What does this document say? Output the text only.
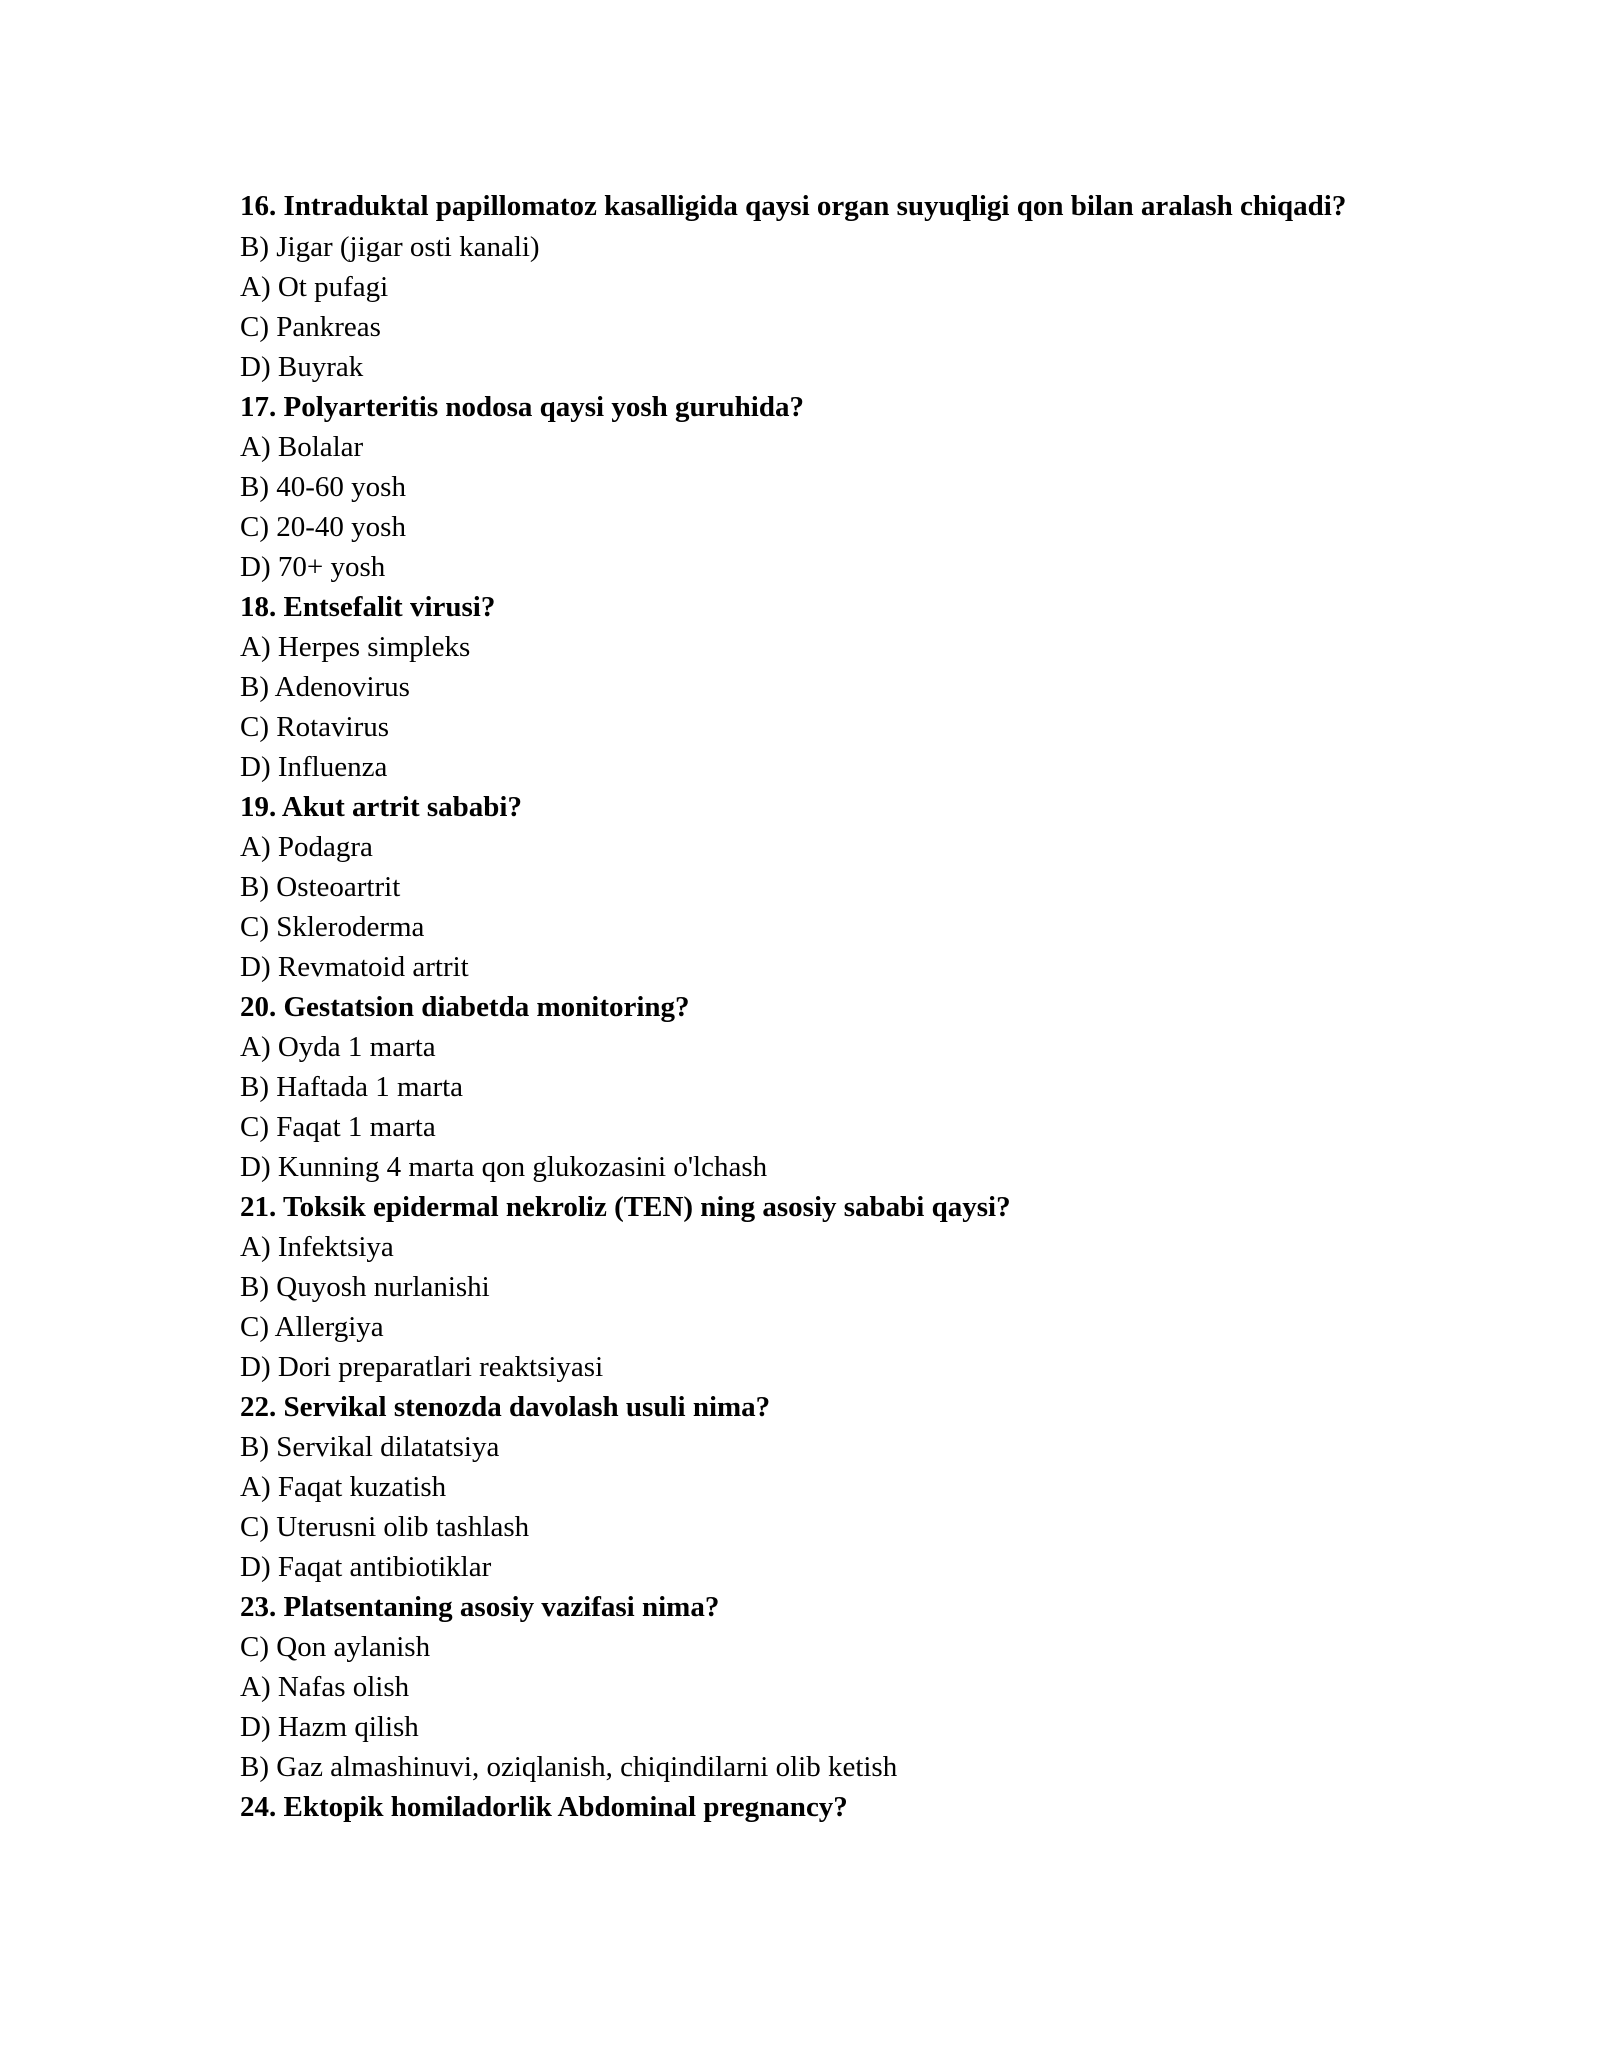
16. Intraduktal papillomatoz kasalligida qaysi organ suyuqligi qon bilan aralash chiqadi?

B) Jigar (jigar osti kanali)

A) Ot pufagi

C) Pankreas

D) Buyrak

17. Polyarteritis nodosa qaysi yosh guruhida?

A) Bolalar

B) 40-60 yosh

C) 20-40 yosh

D) 70+ yosh

18. Entsefalit virusi?

A) Herpes simpleks

B) Adenovirus

C) Rotavirus

D) Influenza

19. Akut artrit sababi?

A) Podagra

B) Osteoartrit

C) Skleroderma

D) Revmatoid artrit

20. Gestatsion diabetda monitoring?

A) Oyda 1 marta

B) Haftada 1 marta

C) Faqat 1 marta

D) Kunning 4 marta qon glukozasini o'lchash

21. Toksik epidermal nekroliz (TEN) ning asosiy sababi qaysi?

A) Infektsiya

B) Quyosh nurlanishi

C) Allergiya

D) Dori preparatlari reaktsiyasi

22. Servikal stenozda davolash usuli nima?

B) Servikal dilatatsiya

A) Faqat kuzatish

C) Uterusni olib tashlash

D) Faqat antibiotiklar

23. Platsentaning asosiy vazifasi nima?

C) Qon aylanish

A) Nafas olish

D) Hazm qilish

B) Gaz almashinuvi, oziqlanish, chiqindilarni olib ketish

24. Ektopik homiladorlik Abdominal pregnancy?
